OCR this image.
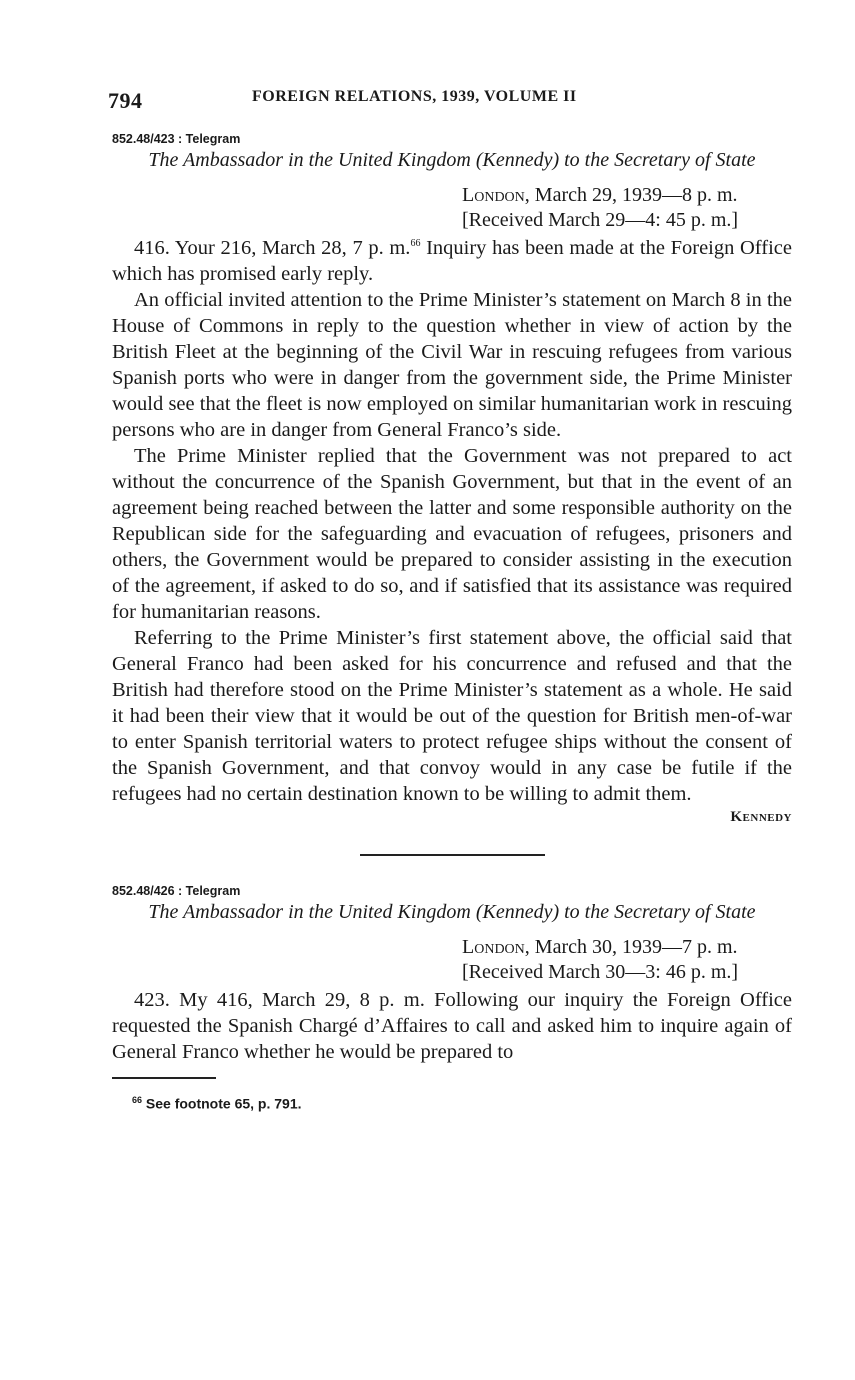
794	FOREIGN RELATIONS, 1939, VOLUME II
852.48/423 : Telegram
The Ambassador in the United Kingdom (Kennedy) to the Secretary of State
London, March 29, 1939—8 p. m.
[Received March 29—4: 45 p. m.]

416. Your 216, March 28, 7 p. m.$^{66}$ Inquiry has been made at the Foreign Office which has promised early reply.

An official invited attention to the Prime Minister’s statement on March 8 in the House of Commons in reply to the question whether in view of action by the British Fleet at the beginning of the Civil War in rescuing refugees from various Spanish ports who were in danger from the government side, the Prime Minister would see that the fleet is now employed on similar humanitarian work in rescuing persons who are in danger from General Franco’s side.

The Prime Minister replied that the Government was not prepared to act without the concurrence of the Spanish Government, but that in the event of an agreement being reached between the latter and some responsible authority on the Republican side for the safeguarding and evacuation of refugees, prisoners and others, the Government would be prepared to consider assisting in the execution of the agreement, if asked to do so, and if satisfied that its assistance was required for humanitarian reasons.

Referring to the Prime Minister’s first statement above, the official said that General Franco had been asked for his concurrence and refused and that the British had therefore stood on the Prime Minister’s statement as a whole. He said it had been their view that it would be out of the question for British men-of-war to enter Spanish territorial waters to protect refugee ships without the consent of the Spanish Government, and that convoy would in any case be futile if the refugees had no certain destination known to be willing to admit them.

Kennedy
852.48/426 : Telegram
The Ambassador in the United Kingdom (Kennedy) to the Secretary of State
London, March 30, 1939—7 p. m.
[Received March 30—3: 46 p. m.]

423. My 416, March 29, 8 p. m. Following our inquiry the Foreign Office requested the Spanish Chargé d’Affaires to call and asked him to inquire again of General Franco whether he would be prepared to

$^{66}$ See footnote 65, p. 791.
